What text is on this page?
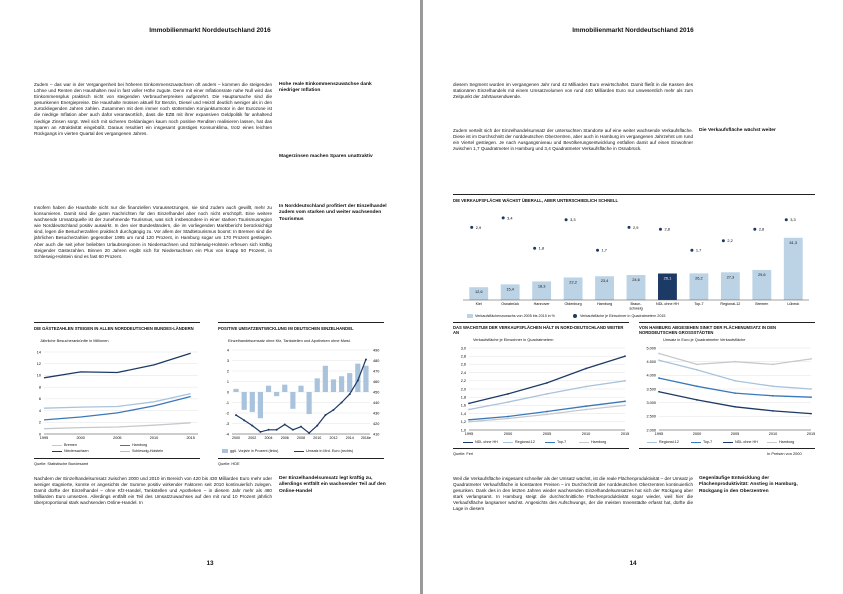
Immobilienmarkt Norddeutschland 2016
Zudem – das war in der Vergangenheit bei höheren Einkommenszuwächsen oft anders – kommen die steigenden Löhne und Renten den Haushalten real in fast voller Höhe zugute. Denn mit einer Inflationsrate nahe Null wird das Einkommensplus praktisch nicht von steigenden Verbraucherpreisen aufgezehrt. Die Hauptursache sind die gesunkenen Energiepreise. Die Haushalte müssen aktuell für Benzin, Diesel und Heizöl deutlich weniger als in den zurückliegenden Jahren zahlen. Zusammen mit dem immer noch stotternden Konjunkturmotor in der Eurozone ist die niedrige Inflation aber auch dafür verantwortlich, dass die EZB mit ihrer expansiven Geldpolitik für anhaltend niedrige Zinsen sorgt. Weil sich mit sicheren Geldanlagen kaum noch positive Renditen realisieren lassen, hat das Sparen an Attraktivität eingebüßt. Daraus resultiert ein insgesamt günstiges Konsumklima, trotz eines leichten Rückgangs im vierten Quartal des vergangenen Jahres.
Hohe reale Einkommenszuwächse dank niedriger Inflation
Magerzinsen machen Sparen unattraktiv
Insofern haben die Haushalte nicht nur die finanziellen Voraussetzungen, sie sind zudem auch gewillt, mehr zu konsumieren. Damit sind die guten Nachrichten für den Einzelhandel aber noch nicht erschöpft. Eine weitere wachsende Umsatzquelle ist der zunehmende Tourismus, was sich insbesondere in einer starken Tourismusregion wie Norddeutschland positiv auswirkt. In den vier Bundesländern, die im vorliegenden Marktbericht berücksichtigt sind, legen die Besucherzahlen praktisch durchgängig zu. Vor allem der Städtetourismus boomt: In Bremen sind die jährlichen Besucherzahlen gegenüber 1995 um rund 120 Prozent, in Hamburg sogar um 170 Prozent gestiegen. Aber auch die seit jeher beliebten Urlaubsregionen in Niedersachsen und Schleswig-Holstein erfreuen sich kräftig steigender Gästezahlen. Binnen 20 Jahren ergibt sich für Niedersachsen ein Plus von knapp 50 Prozent, in Schleswig-Holstein sind es fast 60 Prozent.
In Norddeutschland profitiert der Einzelhandel zudem vom starken und weiter wachsenden Tourismus
DIE GÄSTEZAHLEN STEIGEN IN ALLEN NORDDEUTSCHEN BUNDES-LÄNDERN
Jährliche Besucherankünfte in Millionen
0
2
4
6
8
10
12
14
1995	2000	2005	2010	2015
Bremen
Niedersachsen
Hamburg
Schleswig-Holstein
Quelle: Statistische Bundesamt
POSITIVE UMSATZENTWICKLUNG IM DEUTSCHEN EINZELHANDEL
Einzelhandelsumsatz ohne Kfz, Tankstellen und Apotheken ohne Mwst.
-4
-3
-2
-1
0
1
2
3
4
410
420
430
440
450
460
470
480
490
2000 2002 2004 2006 2008 2010 2012 2014 2016e
ggü. Vorjahr in Prozent (links)	Umsatz in Mrd. Euro (rechts)
Quelle: HDE
Nachdem der Einzelhandelsumsatz zwischen 2000 und 2010 im Bereich von 420 bis 430 Milliarden Euro mehr oder weniger stagnierte, konnte er angesichts der Summe positiv wirkender Faktoren seit 2010 kontinuierlich zulegen. Damit dürfte der Einzelhandel – ohne Kfz-Handel, Tankstellen und Apotheken – in diesem Jahr mehr als 480 Milliarden Euro umsetzen. Allerdings entfällt ein Teil des Umsatzzuwachses auf den mit rund 10 Prozent jährlich überproportional stark wachsenden Online-Handel. In
Der Einzelhandelsumsatz legt kräftig zu, allerdings entfällt ein wachsender Teil auf den Online-Handel
13
Immobilienmarkt Norddeutschland 2016
diesem Segment wurden im vergangenen Jahr rund 42 Milliarden Euro erwirtschaftet. Damit fließt in die Kassen des stationären Einzelhandels mit einem Umsatzvolumen von rund 440 Milliarden Euro nur unwesentlich mehr als zum Zeitpunkt der Jahrtausendwende.
Zudem verteilt sich der Einzelhandelsumsatz der untersuchten Standorte auf eine weiter wachsende Verkaufsfläche. Diese ist im Durchschnitt der norddeutschen Oberzentren, aber auch in Hamburg im vergangenen Jahrzehnt um rund ein Viertel gestiegen. Je nach Ausgangsniveau und Bevölkerungsentwicklung entfallen damit auf einen Einwohner zwischen 1,7 Quadratmeter in Hamburg und 3,4 Quadratmeter Verkaufsfläche in Osnabrück.
Die Verkaufsfläche wächst weiter
DIE VERKAUFSFLÄCHE WÄCHST ÜBERALL, ABER UNTERSCHIEDLICH SCHNELL
12,6
2,9
15,4
3,4
18,3
1,8
22,2
3,3
23,4
1,7
24,6
2,9
26,1
2,8
26,2
1,7
27,3
2,2
29,6
2,8
61,3
3,3
Kiel	Osnabrück	Hannover	Oldenburg	Hamburg	Braun-
schweig
NDL ohne HH	Top-7	Regional-12	Bremen	Lübeck
Verkaufsflächenzuwachs von 2005 bis 2015 in %	Verkaufsfläche je Einwohner in Quadratmetern 2015
DAS WACHSTUM DER VERKAUFSFLÄCHEN HÄLT IN NORD-DEUTSCHLAND WEITER AN
Verkaufsfläche je Einwohner in Quadratmetern
1,0
1,2
1,4
1,6
1,8
2,0
2,2
2,4
2,6
2,8
3,0
1995	2000	2005	2010	2015
NDL ohne HH	Regional-12	Top-7	Hamburg
Quelle: Feri
VON HAMBURG ABGESEHEN SINKT DER FLÄCHENUMSATZ IN DEN NORDDEUTSCHEN GROSSSTÄDTEN
Umsatz in Euro je Quadratmeter Verkaufsfläche
2.000
2.500
3.000
3.500
4.000
4.500
5.000
1995	2000	2005	2010	2015
Regional-12	Top-7	NDL ohne HH	Hamburg
In Preisen von 2000
Weil die Verkaufsfläche insgesamt schneller als der Umsatz wächst, ist die reale Flächenproduktivität – der Umsatz je Quadratmeter Verkaufsfläche in konstanten Preisen – im Durchschnitt der norddeutschen Oberzentren kontinuierlich gesunken. Dank des in den letzten Jahren wieder wachsenden Einzelhandelsumsatzes hat sich der Rückgang aber stark verlangsamt. In Hamburg steigt die durchschnittliche Flächenproduktivität sogar wieder, weil hier die Verkaufsfläche langsamer wächst. Angesichts des Aufschwungs, der die meisten Innenstädte erfasst hat, dürfte die Lage in diesem
Gegenläufige Entwicklung der Flächenproduktivität: Anstieg in Hamburg, Rückgang in den Oberzentren
14
